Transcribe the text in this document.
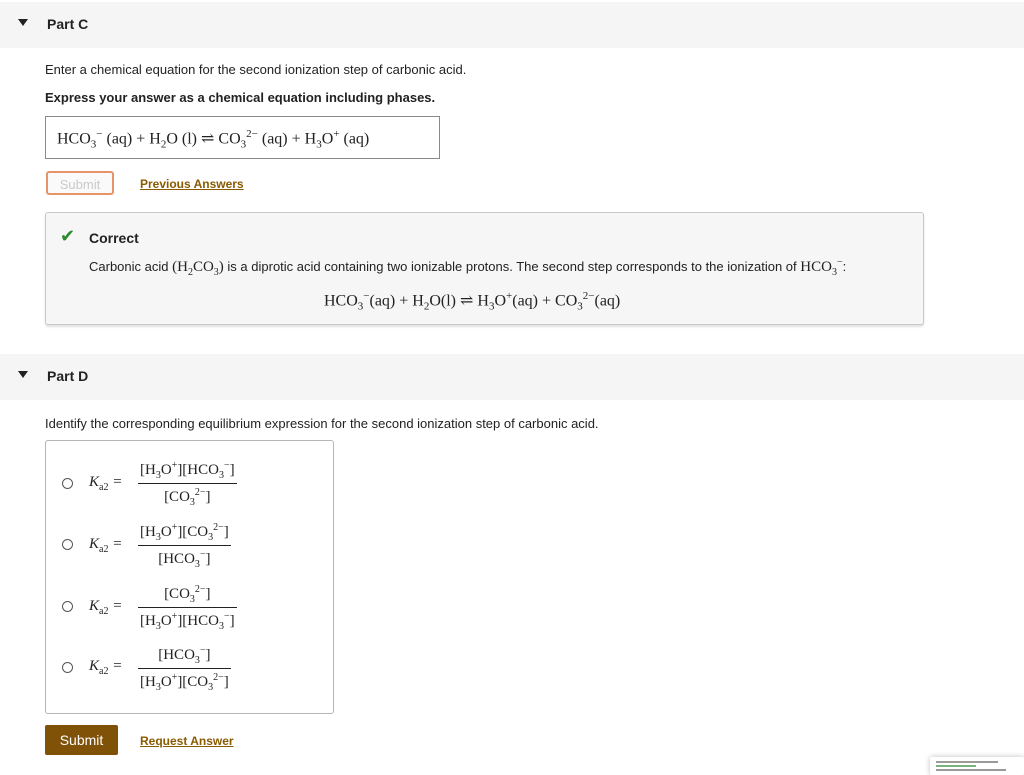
Part C
Enter a chemical equation for the second ionization step of carbonic acid.
Express your answer as a chemical equation including phases.
$HCO_3^-$ $(aq) + H_2O$ (l) ⇌ $CO_3^{2-}$ $(aq) + H_3O^+$ (aq)
Submit	Previous Answers
✔ Correct
Carbonic acid $(H_2CO_3)$ is a diprotic acid containing two ionizable protons. The second step corresponds to the ionization of $HCO_3^-$:
$HCO_3^-(aq) + H_2O(l)$ ⇌ $H_3O^+(aq) + CO_3^{2-}(aq)$
Part D
Identify the corresponding equilibrium expression for the second ionization step of carbonic acid.
$K_{a2}$ =
$[H_3O^+][HCO_3^-]$
$[CO_3^{2-}]$
$K_{a2}$ =
$[H_3O^+][CO_3^{2-}]$
$[HCO_3^-]$
$K_{a2}$ =
$[CO_3^{2-}]$
$[H_3O^+][HCO_3^-]$
$K_{a2}$ =
$[HCO_3^-]$
$[H_3O^+][CO_3^{2-}]$
Submit	Request Answer
